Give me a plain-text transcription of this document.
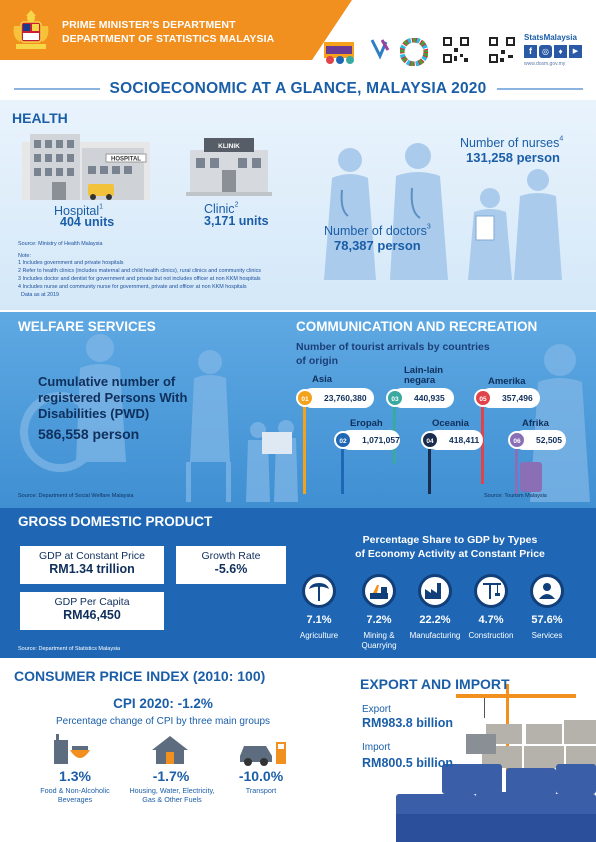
PRIME MINISTER'S DEPARTMENT
DEPARTMENT OF STATISTICS MALAYSIA	StatsMalaysia
f	◎	♦	▶
www.dosm.gov.my
SOCIOECONOMIC AT A GLANCE, MALAYSIA 2020
HEALTH
HOSPITAL
Hospital$^1$
404 units
KLINIK
Clinic$^2$
3,171 units
Number of doctors$^3$
78,387 person
Number of nurses$^4$
131,258 person
Source: Ministry of Health Malaysia
Note:
1 Includes government and private hospitals
2 Refer to health clinics (includes maternal and child health clinics), rural clinics and community clinics
3 Includes doctor and dentist for government and private but not includes officer at non KKM hospitals
4 Includes nurse and community nurse for government, private and officer at non KKM hospitals
Data as at 2019
WELFARE SERVICES
Cumulative number of
registered Persons With
Disabilities (PWD)
586,558 person
Source: Department of Social Welfare Malaysia
COMMUNICATION AND RECREATION
Number of tourist arrivals by countries
of origin
Asia
23,760,380
01
Eropah
1,071,057
02
Lain-lain negara
440,935
03
Oceania
418,411
04
Amerika
357,496
05
Afrika
52,505
06
Source: Tourism Malaysia
GROSS DOMESTIC PRODUCT
GDP at Constant Price
RM1.34 trillion
Growth Rate
-5.6%
GDP Per Capita
RM46,450
Source: Department of Statistics Malaysia
Percentage Share to GDP by Types
of Economy Activity at Constant Price
7.1%
Agriculture
7.2%
Mining & Quarrying
22.2%
Manufacturing
4.7%
Construction
57.6%
Services
CONSUMER PRICE INDEX (2010: 100)
CPI 2020: -1.2%
Percentage change of CPI by three main groups
1.3%
Food & Non-Alcoholic
Beverages
-1.7%
Housing, Water, Electricity,
Gas & Other Fuels
-10.0%
Transport
EXPORT AND IMPORT
Export
RM983.8 billion
Import
RM800.5 billion
